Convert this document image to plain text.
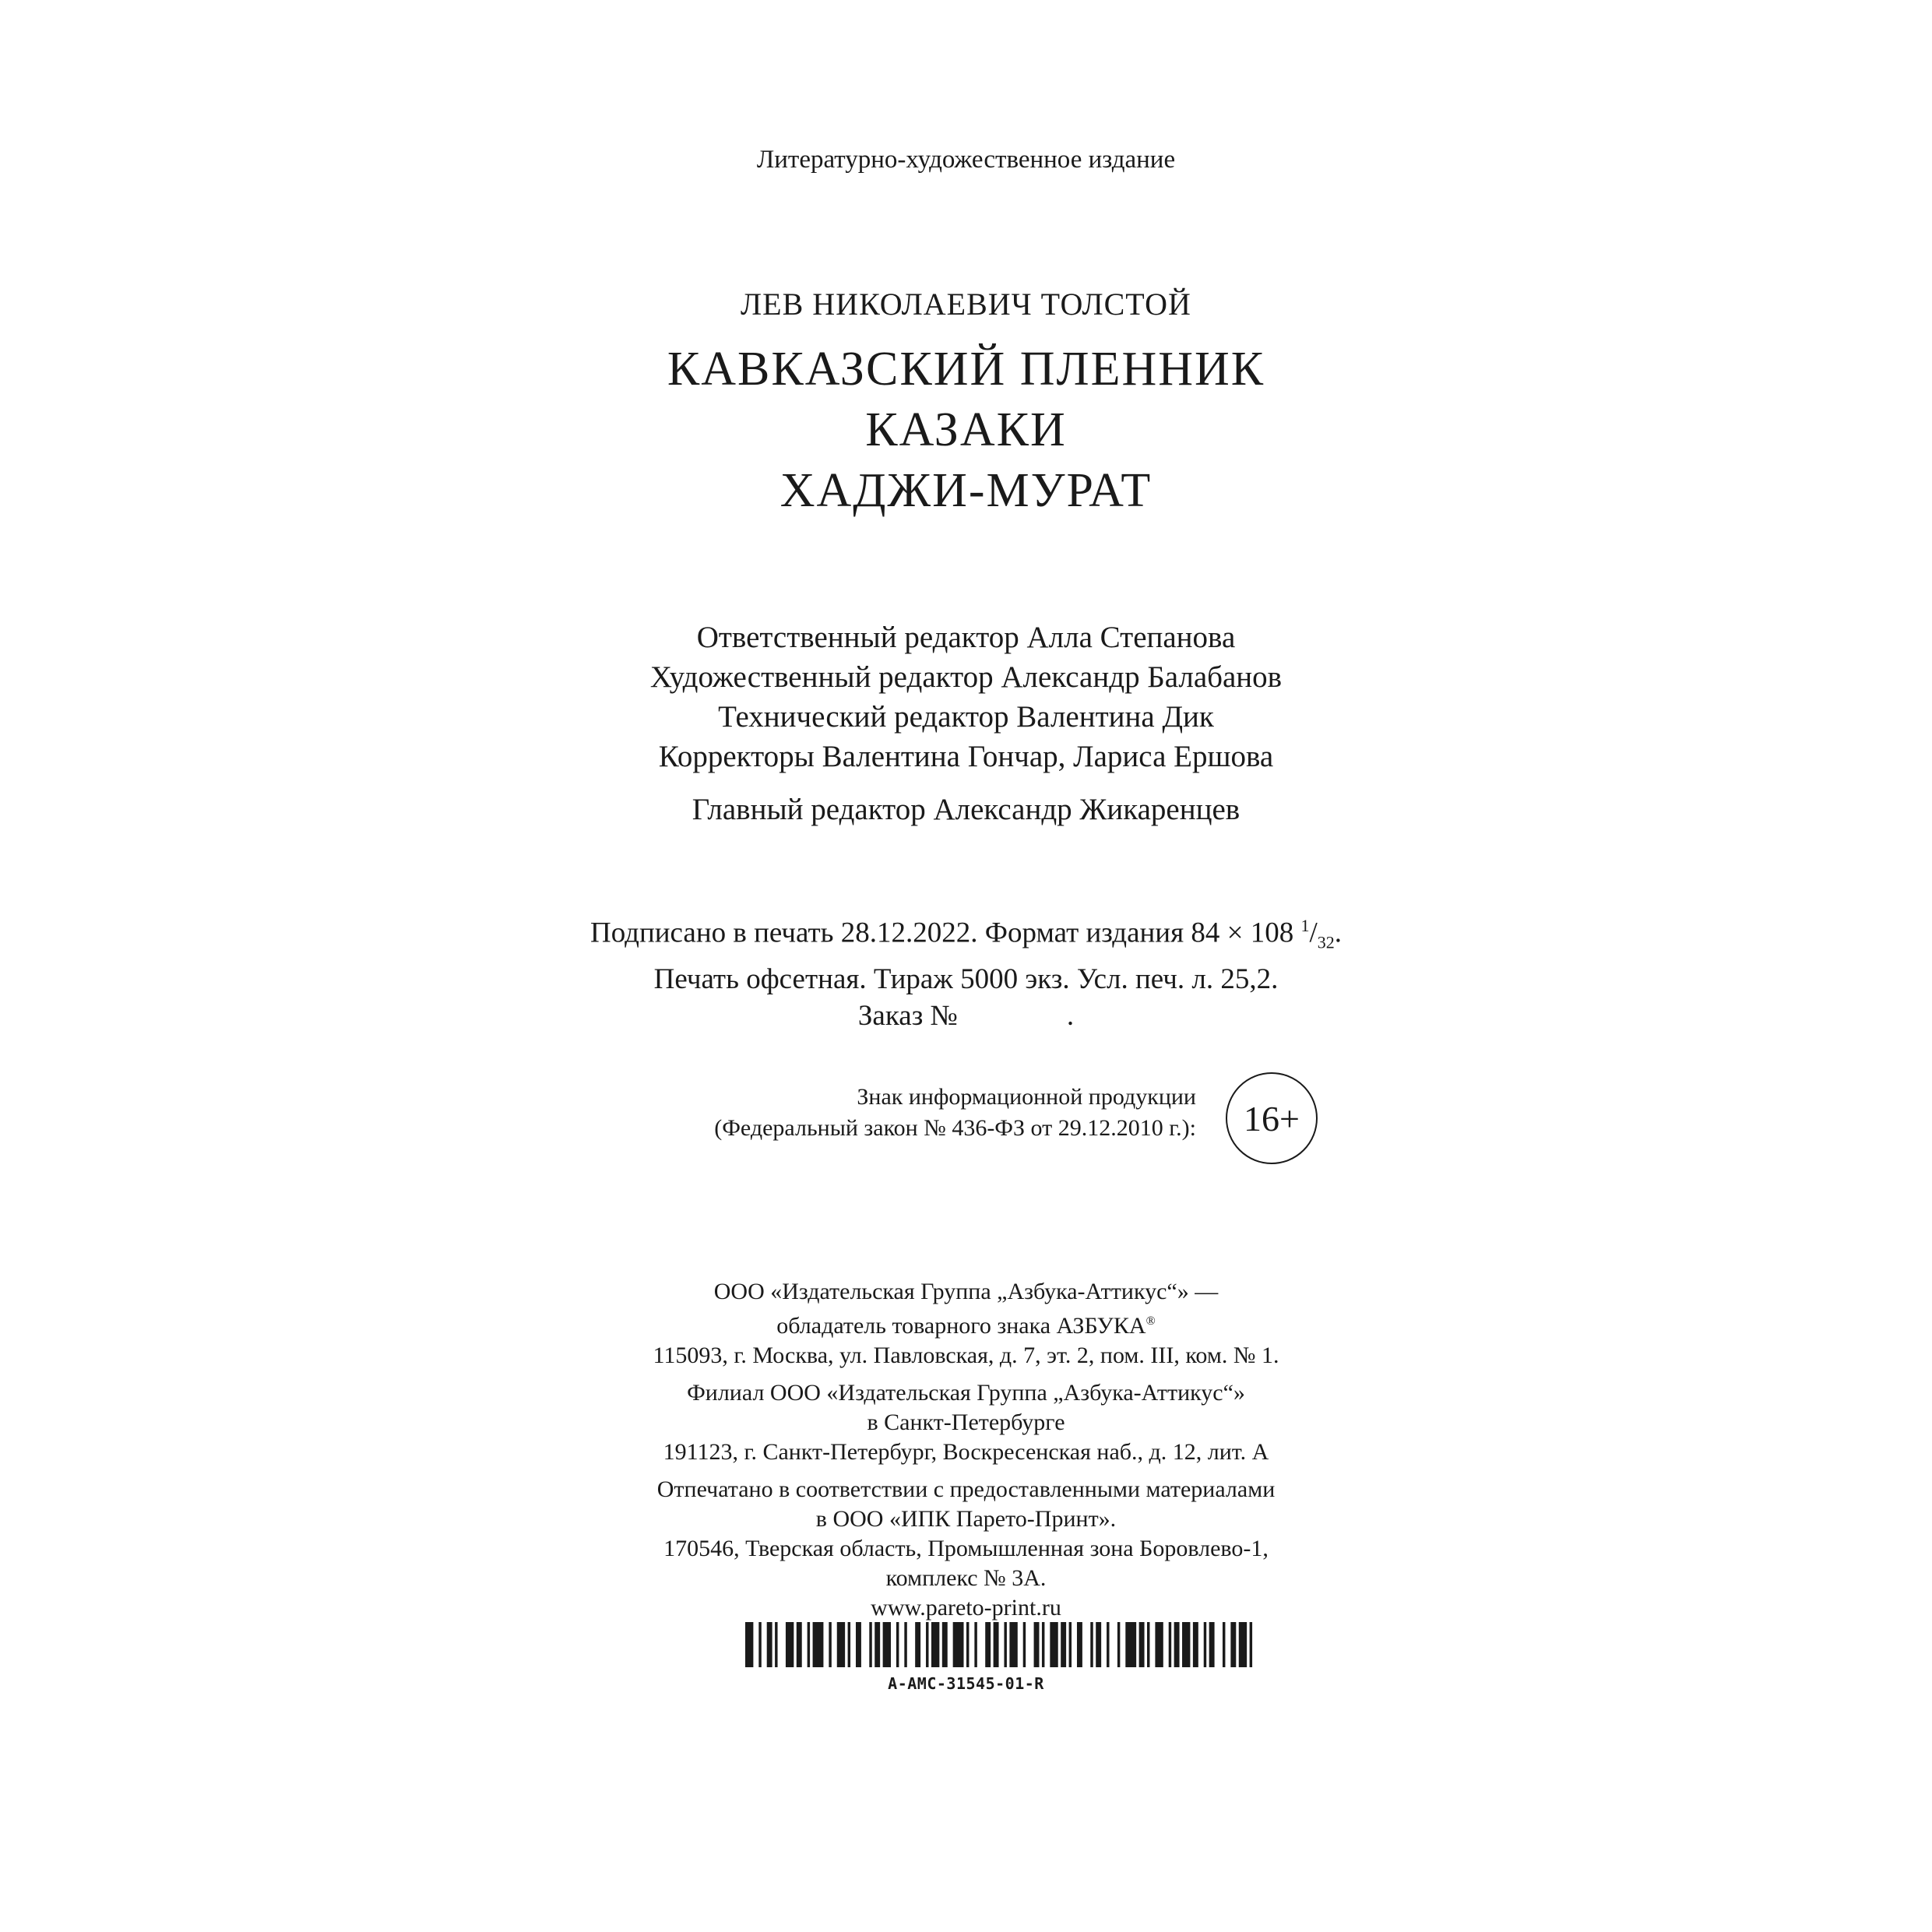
Литературно-художественное издание
ЛЕВ НИКОЛАЕВИЧ ТОЛСТОЙ
КАВКАЗСКИЙ ПЛЕННИК
КАЗАКИ
ХАДЖИ-МУРАТ
Ответственный редактор Алла Степанова
Художественный редактор Александр Балабанов
Технический редактор Валентина Дик
Корректоры Валентина Гончар, Лариса Ершова
Главный редактор Александр Жикаренцев
Подписано в печать 28.12.2022. Формат издания 84 × 108 $^1/_{32}$.
Печать офсетная. Тираж 5000 экз. Усл. печ. л. 25,2.
Заказ №	.
Знак информационной продукции
(Федеральный закон № 436-ФЗ от 29.12.2010 г.): 16+
ООО «Издательская Группа „Азбука-Аттикус“» —
обладатель товарного знака АЗБУКА®
115093, г. Москва, ул. Павловская, д. 7, эт. 2, пом. III, ком. № 1.
Филиал ООО «Издательская Группа „Азбука-Аттикус“»
в Санкт-Петербурге
191123, г. Санкт-Петербург, Воскресенская наб., д. 12, лит. А
Отпечатано в соответствии с предоставленными материалами
в ООО «ИПК Парето-Принт».
170546, Тверская область, Промышленная зона Боровлево-1,
комплекс № 3А.
www.pareto-print.ru
A-AMC-31545-01-R
